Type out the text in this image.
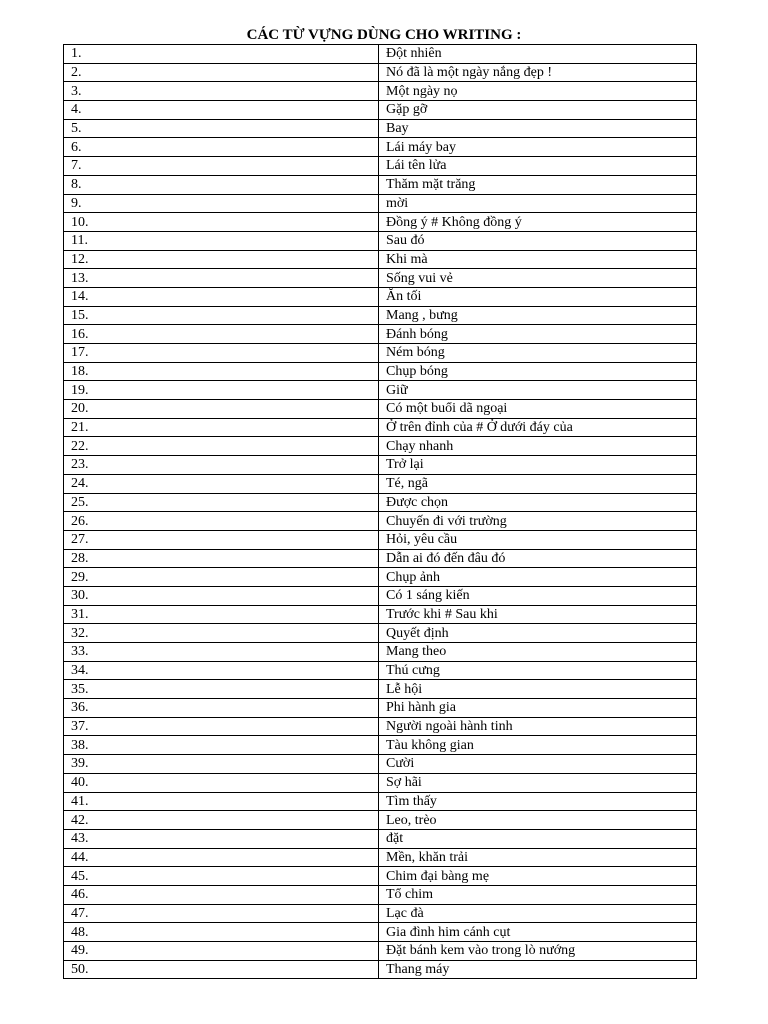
CÁC TỪ VỰNG DÙNG CHO WRITING :
1.	Đột nhiên
2.	Nó đã là một ngày nắng đẹp !
3.	Một ngày nọ
4.	Gặp gỡ
5.	Bay
6.	Lái máy bay
7.	Lái tên lửa
8.	Thăm mặt trăng
9.	mời
10.	Đồng ý # Không đồng ý
11.	Sau đó
12.	Khi mà
13.	Sống vui vẻ
14.	Ăn tối
15.	Mang , bưng
16.	Đánh bóng
17.	Ném bóng
18.	Chụp bóng
19.	Giữ
20.	Có một buổi dã ngoại
21.	Ở trên đỉnh của # Ở dưới đáy của
22.	Chạy nhanh
23.	Trở lại
24.	Té, ngã
25.	Được chọn
26.	Chuyến đi với trường
27.	Hỏi, yêu cầu
28.	Dẫn ai đó đến đâu đó
29.	Chụp ảnh
30.	Có 1 sáng kiến
31.	Trước khi # Sau khi
32.	Quyết định
33.	Mang theo
34.	Thú cưng
35.	Lễ hội
36.	Phi hành gia
37.	Người ngoài hành tinh
38.	Tàu không gian
39.	Cười
40.	Sợ hãi
41.	Tìm thấy
42.	Leo, trèo
43.	đặt
44.	Mền, khăn trải
45.	Chim đại bàng mẹ
46.	Tổ chim
47.	Lạc đà
48.	Gia đình him cánh cụt
49.	Đặt bánh kem vào trong lò nướng
50.	Thang máy
